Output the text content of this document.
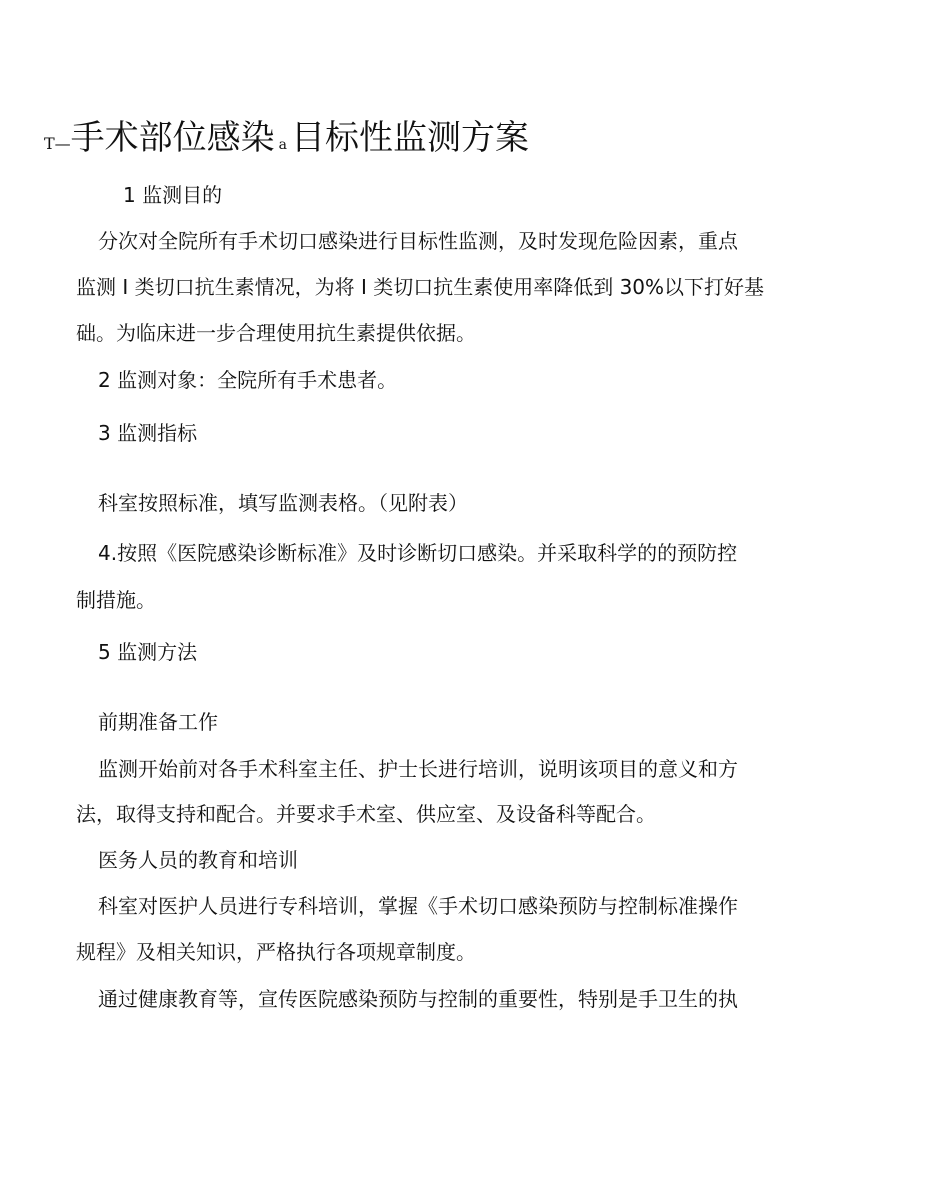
T—手术部位感染 a 目标性监测方案
1 监测目的
分次对全院所有手术切口感染进行目标性监测，及时发现危险因素，重点
监测 I 类切口抗生素情况，为将 I 类切口抗生素使用率降低到 30%以下打好基
础。为临床进一步合理使用抗生素提供依据。
2 监测对象：全院所有手术患者。
3 监测指标
科室按照标准，填写监测表格。（见附表）
4.按照《医院感染诊断标准》及时诊断切口感染。并采取科学的的预防控
制措施。
5 监测方法
前期准备工作
监测开始前对各手术科室主任、护士长进行培训，说明该项目的意义和方
法，取得支持和配合。并要求手术室、供应室、及设备科等配合。
医务人员的教育和培训
科室对医护人员进行专科培训，掌握《手术切口感染预防与控制标准操作
规程》及相关知识，严格执行各项规章制度。
通过健康教育等，宣传医院感染预防与控制的重要性，特别是手卫生的执
